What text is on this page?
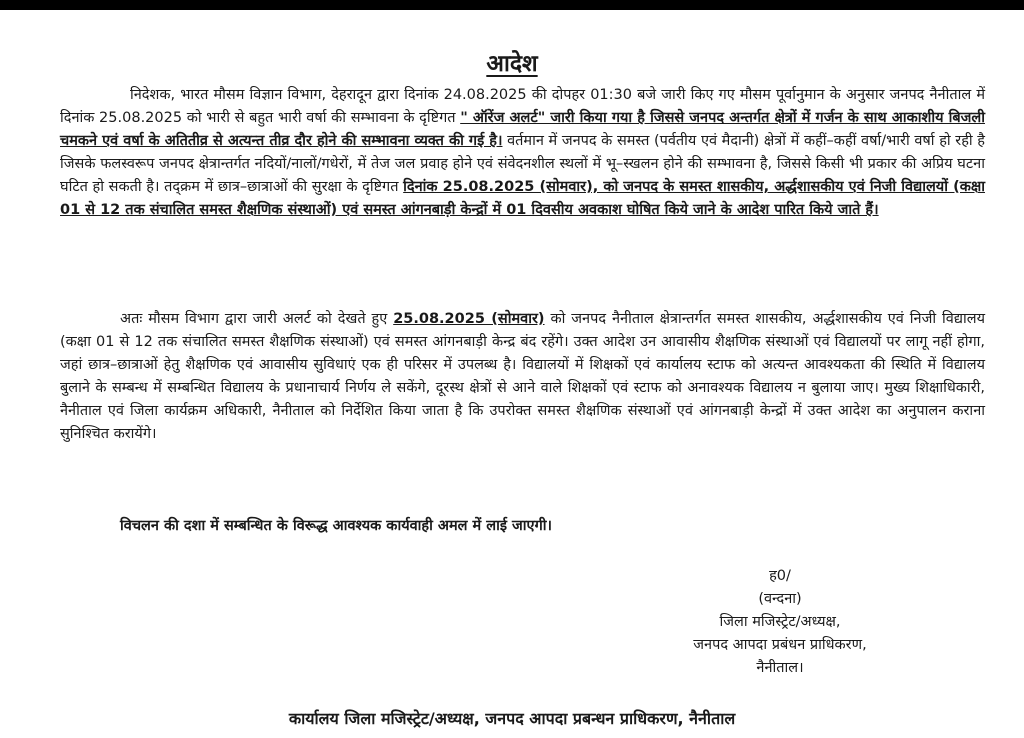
आदेश
निदेशक, भारत मौसम विज्ञान विभाग, देहरादून द्वारा दिनांक 24.08.2025 की दोपहर 01:30 बजे जारी किए गए मौसम पूर्वानुमान के अनुसार जनपद नैनीताल में दिनांक 25.08.2025 को भारी से बहुत भारी वर्षा की सम्भावना के दृष्टिगत " ऑरेंज अलर्ट" जारी किया गया है जिससे जनपद अन्तर्गत क्षेत्रों में गर्जन के साथ आकाशीय बिजली चमकने एवं वर्षा के अतितीव्र से अत्यन्त तीव्र दौर होने की सम्भावना व्यक्त की गई है। वर्तमान में जनपद के समस्त (पर्वतीय एवं मैदानी) क्षेत्रों में कहीं–कहीं वर्षा/भारी वर्षा हो रही है जिसके फलस्वरूप जनपद क्षेत्रान्तर्गत नदियों/नालों/गधेरों, में तेज जल प्रवाह होने एवं संवेदनशील स्थलों में भू–स्खलन होने की सम्भावना है, जिससे किसी भी प्रकार की अप्रिय घटना घटित हो सकती है। तद्क्रम में छात्र–छात्राओं की सुरक्षा के दृष्टिगत दिनांक 25.08.2025 (सोमवार), को जनपद के समस्त शासकीय, अर्द्धशासकीय एवं निजी विद्यालयों (कक्षा 01 से 12 तक संचालित समस्त शैक्षणिक संस्थाओं) एवं समस्त आंगनबाड़ी केन्द्रों में 01 दिवसीय अवकाश घोषित किये जाने के आदेश पारित किये जाते हैं।
अतः मौसम विभाग द्वारा जारी अलर्ट को देखते हुए 25.08.2025 (सोमवार) को जनपद नैनीताल क्षेत्रान्तर्गत समस्त शासकीय, अर्द्धशासकीय एवं निजी विद्यालय (कक्षा 01 से 12 तक संचालित समस्त शैक्षणिक संस्थाओं) एवं समस्त आंगनबाड़ी केन्द्र बंद रहेंगे। उक्त आदेश उन आवासीय शैक्षणिक संस्थाओं एवं विद्यालयों पर लागू नहीं होगा, जहां छात्र–छात्राओं हेतु शैक्षणिक एवं आवासीय सुविधाएं एक ही परिसर में उपलब्ध है। विद्यालयों में शिक्षकों एवं कार्यालय स्टाफ को अत्यन्त आवश्यकता की स्थिति में विद्यालय बुलाने के सम्बन्ध में सम्बन्धित विद्यालय के प्रधानाचार्य निर्णय ले सकेंगे, दूरस्थ क्षेत्रों से आने वाले शिक्षकों एवं स्टाफ को अनावश्यक विद्यालय न बुलाया जाए। मुख्य शिक्षाधिकारी, नैनीताल एवं जिला कार्यक्रम अधिकारी, नैनीताल को निर्देशित किया जाता है कि उपरोक्त समस्त शैक्षणिक संस्थाओं एवं आंगनबाड़ी केन्द्रों में उक्त आदेश का अनुपालन कराना सुनिश्चित करायेंगे।
विचलन की दशा में सम्बन्धित के विरूद्ध आवश्यक कार्यवाही अमल में लाई जाएगी।
ह0/
(वन्दना)
जिला मजिस्ट्रेट/अध्यक्ष,
जनपद आपदा प्रबंधन प्राधिकरण,
नैनीताल।
कार्यालय जिला मजिस्ट्रेट/अध्यक्ष, जनपद आपदा प्रबन्धन प्राधिकरण, नैनीताल
